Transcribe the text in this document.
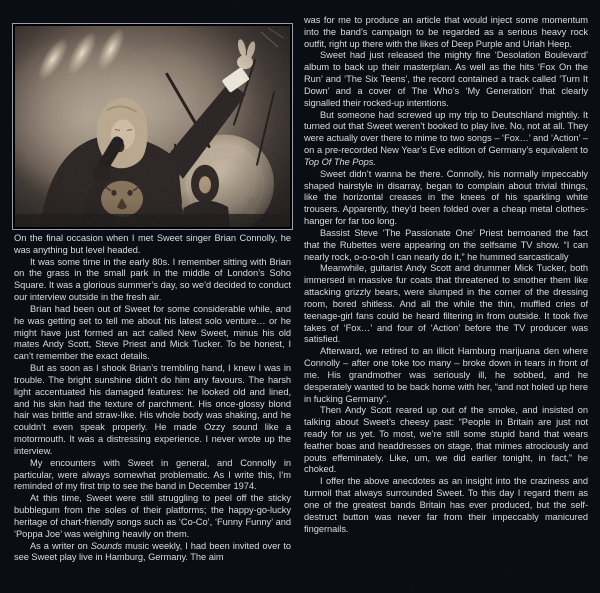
On the final occasion when I met Sweet singer Brian Connolly, he was anything but level headed.

It was some time in the early 80s. I remember sitting with Brian on the grass in the small park in the middle of London’s Soho Square. It was a glorious summer’s day, so we’d decided to conduct our interview outside in the fresh air.

Brian had been out of Sweet for some considerable while, and he was getting set to tell me about his latest solo venture… or he might have just formed an act called New Sweet, minus his old mates Andy Scott, Steve Priest and Mick Tucker. To be honest, I can’t remember the exact details.

But as soon as I shook Brian’s trembling hand, I knew I was in trouble. The bright sunshine didn’t do him any favours. The harsh light accentuated his damaged features: he looked old and lined, and his skin had the texture of parchment. His once-glossy blond hair was brittle and straw-like. His whole body was shaking, and he couldn’t even speak properly. He made Ozzy sound like a motormouth. It was a distressing experience. I never wrote up the interview.

My encounters with Sweet in general, and Connolly in particular, were always somewhat problematic. As I write this, I’m reminded of my first trip to see the band in December 1974.

At this time, Sweet were still struggling to peel off the sticky bubblegum from the soles of their platforms; the happy-go-lucky heritage of chart-friendly songs such as ‘Co-Co’, ‘Funny Funny’ and ‘Poppa Joe’ was weighing heavily on them.

As a writer on Sounds music weekly, I had been invited over to see Sweet play live in Hamburg, Germany. The aim

was for me to produce an article that would inject some momentum into the band’s campaign to be regarded as a serious heavy rock outfit, right up there with the likes of Deep Purple and Uriah Heep.

Sweet had just released the mighty fine ‘Desolation Boulevard’ album to back up their masterplan. As well as the hits ‘Fox On the Run’ and ‘The Six Teens’, the record contained a track called ‘Turn It Down’ and a cover of The Who’s ‘My Generation’ that clearly signalled their rocked-up intentions.

But someone had screwed up my trip to Deutschland mightily. It turned out that Sweet weren’t booked to play live. No, not at all. They were actually over there to mime to two songs – ‘Fox…’ and ‘Action’ – on a pre-recorded New Year’s Eve edition of Germany’s equivalent to Top Of The Pops.

Sweet didn’t wanna be there. Connolly, his normally impeccably shaped hairstyle in disarray, began to complain about trivial things, like the horizontal creases in the knees of his sparkling white trousers. Apparently, they’d been folded over a cheap metal clothes-hanger for far too long.

Bassist Steve ‘The Passionate One’ Priest bemoaned the fact that the Rubettes were appearing on the selfsame TV show. “I can nearly rock, o-o-o-oh I can nearly do it,” he hummed sarcastically

Meanwhile, guitarist Andy Scott and drummer Mick Tucker, both immersed in massive fur coats that threatened to smother them like attacking grizzly bears, were slumped in the corner of the dressing room, bored shitless. And all the while the thin, muffled cries of teenage-girl fans could be heard filtering in from outside. It took five takes of ‘Fox…’ and four of ‘Action’ before the TV producer was satisfied.

Afterward, we retired to an illicit Hamburg marijuana den where Connolly – after one toke too many – broke down in tears in front of me. His grandmother was seriously ill, he sobbed, and he desperately wanted to be back home with her, “and not holed up here in fucking Germany”.

Then Andy Scott reared up out of the smoke, and insisted on talking about Sweet’s cheesy past: “People in Britain are just not ready for us yet. To most, we’re still some stupid band that wears feather boas and headdresses on stage, that mimes atrociously and pouts effeminately. Like, um, we did earlier tonight, in fact,” he choked.

I offer the above anecdotes as an insight into the craziness and turmoil that always surrounded Sweet. To this day I regard them as one of the greatest bands Britain has ever produced, but the self-destruct button was never far from their impeccably manicured fingernails.
